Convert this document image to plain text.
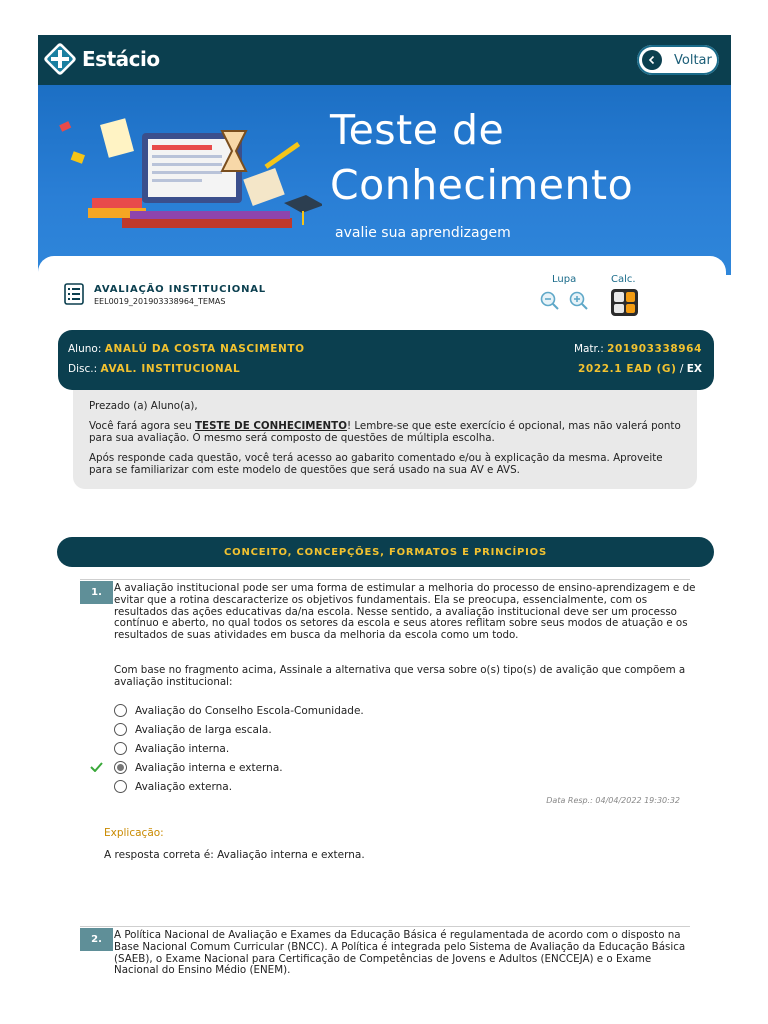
Estácio	Voltar
Teste de
Conhecimento
avalie sua aprendizagem
AVALIAÇÃO INSTITUCIONAL
EEL0019_201903338964_TEMAS
Lupa	Calc.
Aluno: ANALÚ DA COSTA NASCIMENTO	Matr.: 201903338964
Disc.: AVAL. INSTITUCIONAL	2022.1 EAD (G) / EX

Prezado (a) Aluno(a),

Você fará agora seu TESTE DE CONHECIMENTO! Lembre-se que este exercício é opcional, mas não valerá ponto para sua avaliação. O mesmo será composto de questões de múltipla escolha.

Após responde cada questão, você terá acesso ao gabarito comentado e/ou à explicação da mesma. Aproveite para se familiarizar com este modelo de questões que será usado na sua AV e AVS.

CONCEITO, CONCEPÇÕES, FORMATOS E PRINCÍPIOS
1.	A avaliação institucional pode ser uma forma de estimular a melhoria do processo de ensino-aprendizagem e de evitar que a rotina descaracterize os objetivos fundamentais. Ela se preocupa, essencialmente, com os resultados das ações educativas da/na escola. Nesse sentido, a avaliação institucional deve ser um processo contínuo e aberto, no qual todos os setores da escola e seus atores reflitam sobre seus modos de atuação e os resultados de suas atividades em busca da melhoria da escola como um todo.
Com base no fragmento acima, Assinale a alternativa que versa sobre o(s) tipo(s) de avalição que compõem a avaliação institucional:
Avaliação do Conselho Escola-Comunidade.
Avaliação de larga escala.
Avaliação interna.
Avaliação interna e externa.
Avaliação externa.
Data Resp.: 04/04/2022 19:30:32
Explicação:
A resposta correta é: Avaliação interna e externa.
2.	A Política Nacional de Avaliação e Exames da Educação Básica é regulamentada de acordo com o disposto na Base Nacional Comum Curricular (BNCC). A Política é integrada pelo Sistema de Avaliação da Educação Básica (SAEB), o Exame Nacional para Certificação de Competências de Jovens e Adultos (ENCCEJA) e o Exame Nacional do Ensino Médio (ENEM).
